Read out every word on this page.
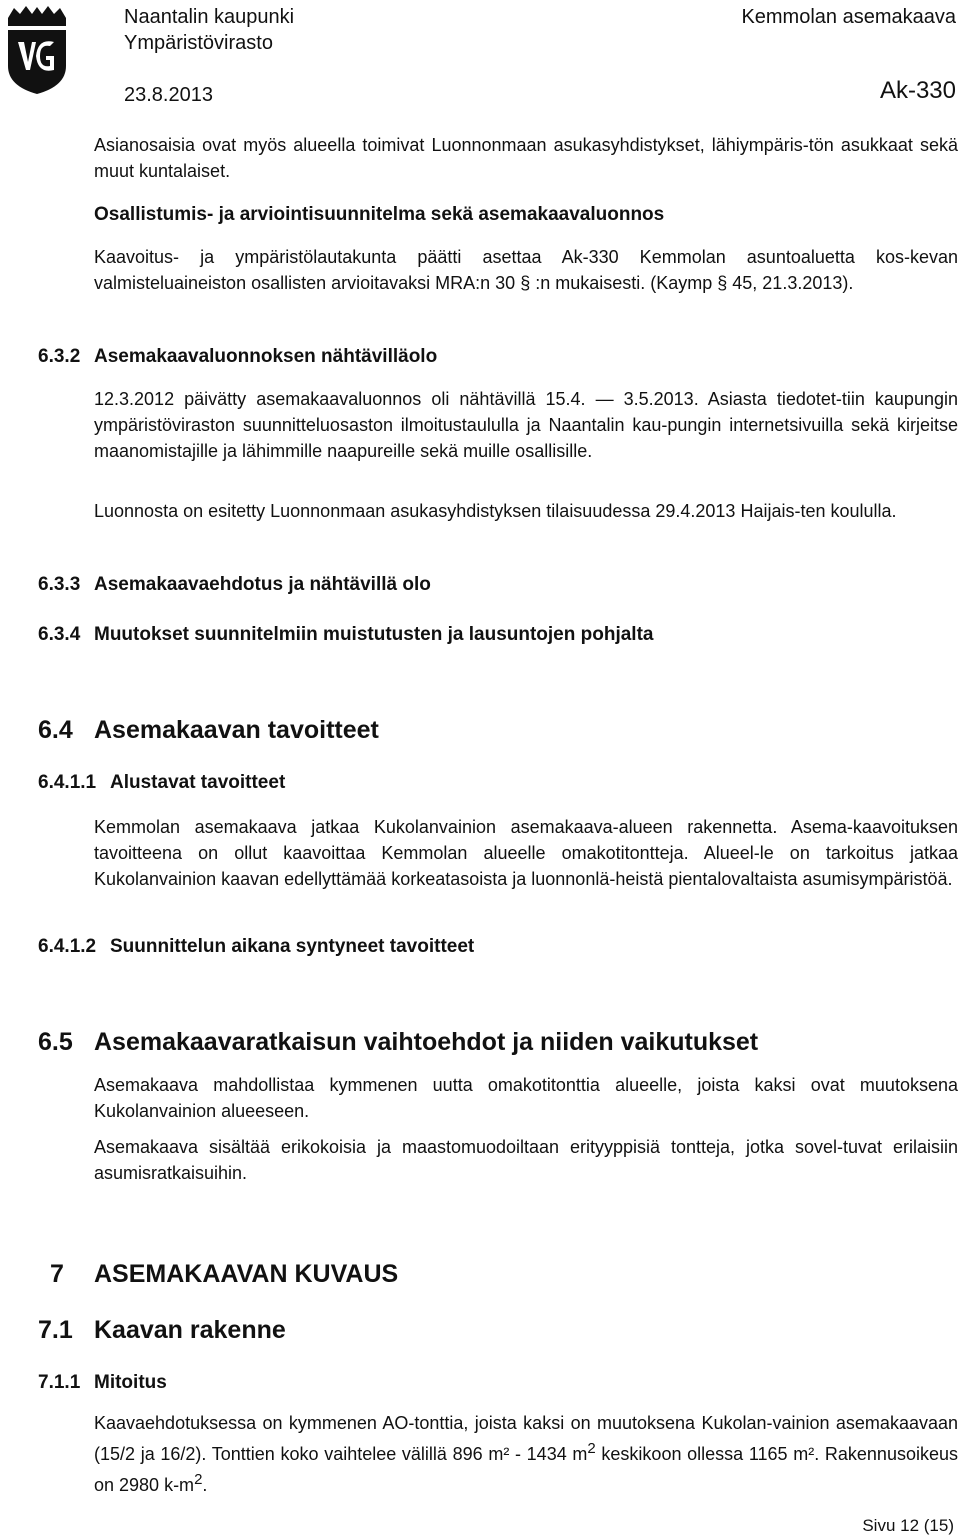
Naantalin kaupunki
Ympäristövirasto
23.8.2013
Kemmolan asemakaava
Ak-330

Asianosaisia ovat myös alueella toimivat Luonnonmaan asukasyhdistykset, lähiympäris-tön asukkaat sekä muut kuntalaiset.

Osallistumis- ja arviointisuunnitelma sekä asemakaavaluonnos

Kaavoitus- ja ympäristölautakunta päätti asettaa Ak-330 Kemmolan asuntoaluetta kos-kevan valmisteluaineiston osallisten arvioitavaksi MRA:n 30 § :n mukaisesti. (Kaymp § 45, 21.3.2013).

6.3.2 Asemakaavaluonnoksen nähtävilläolo

12.3.2012 päivätty asemakaavaluonnos oli nähtävillä 15.4. — 3.5.2013. Asiasta tiedotet-tiin kaupungin ympäristöviraston suunnitteluosaston ilmoitustaululla ja Naantalin kau-pungin internetsivuilla sekä kirjeitse maanomistajille ja lähimmille naapureille sekä muille osallisille.

Luonnosta on esitetty Luonnonmaan asukasyhdistyksen tilaisuudessa 29.4.2013 Haijais-ten koululla.

6.3.3 Asemakaavaehdotus ja nähtävillä olo
6.3.4 Muutokset suunnitelmiin muistutusten ja lausuntojen pohjalta
6.4 Asemakaavan tavoitteet
6.4.1.1 Alustavat tavoitteet

Kemmolan asemakaava jatkaa Kukolanvainion asemakaava-alueen rakennetta. Asema-kaavoituksen tavoitteena on ollut kaavoittaa Kemmolan alueelle omakotitontteja. Alueel-le on tarkoitus jatkaa Kukolanvainion kaavan edellyttämää korkeatasoista ja luonnonlä-heistä pientalovaltaista asumisympäristöä.

6.4.1.2 Suunnittelun aikana syntyneet tavoitteet
6.5 Asemakaavaratkaisun vaihtoehdot ja niiden vaikutukset

Asemakaava mahdollistaa kymmenen uutta omakotitonttia alueelle, joista kaksi ovat muutoksena Kukolanvainion alueeseen.

Asemakaava sisältää erikokoisia ja maastomuodoiltaan erityyppisiä tontteja, jotka sovel-tuvat erilaisiin asumisratkaisuihin.

7 ASEMAKAAVAN KUVAUS
7.1 Kaavan rakenne
7.1.1 Mitoitus

Kaavaehdotuksessa on kymmenen AO-tonttia, joista kaksi on muutoksena Kukolan-vainion asemakaavaan (15/2 ja 16/2). Tonttien koko vaihtelee välillä 896 m² - 1434 $m^2$ keskikoon ollessa 1165 m². Rakennusoikeus on 2980 $k-m^2$.

Sivu 12 (15)
